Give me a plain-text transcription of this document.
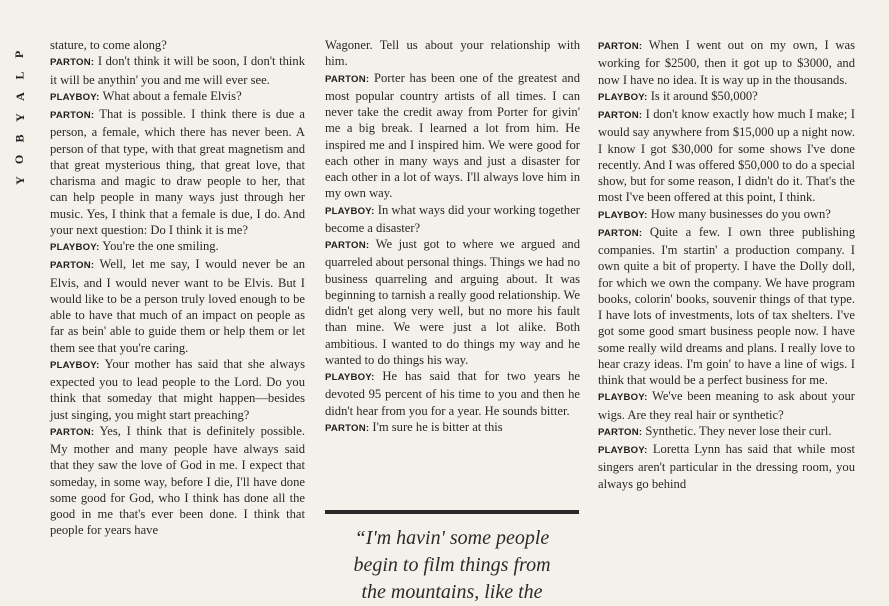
P
L
A
Y
B
O
Y

stature, to come along?

PARTON: I don't think it will be soon, I don't think it will be anythin' you and me will ever see.

PLAYBOY: What about a female Elvis?

PARTON: That is possible. I think there is due a person, a female, which there has never been. A person of that type, with that great magnetism and that great mysterious thing, that great love, that charisma and magic to draw people to her, that can help people in many ways just through her music. Yes, I think that a female is due, I do. And your next question: Do I think it is me?

PLAYBOY: You're the one smiling.

PARTON: Well, let me say, I would never be an Elvis, and I would never want to be Elvis. But I would like to be a person truly loved enough to be able to have that much of an impact on people as far as bein' able to guide them or help them or let them see that you're caring.

PLAYBOY: Your mother has said that she always expected you to lead people to the Lord. Do you think that someday that might happen—besides just singing, you might start preaching?

PARTON: Yes, I think that is definitely possible. My mother and many people have always said that they saw the love of God in me. I expect that someday, in some way, before I die, I'll have done some good for God, who I think has done all the good in me that's ever been done. I think that people for years have

Wagoner. Tell us about your relationship with him.

PARTON: Porter has been one of the greatest and most popular country artists of all times. I can never take the credit away from Porter for givin' me a big break. I learned a lot from him. He inspired me and I inspired him. We were good for each other in many ways and just a disaster for each other in a lot of ways. I'll always love him in my own way.

PLAYBOY: In what ways did your working together become a disaster?

PARTON: We just got to where we argued and quarreled about personal things. Things we had no business quarreling and arguing about. It was beginning to tarnish a really good relationship. We didn't get along very well, but no more his fault than mine. We were just a lot alike. Both ambitious. I wanted to do things my way and he wanted to do things his way.

PLAYBOY: He has said that for two years he devoted 95 percent of his time to you and then he didn't hear from you for a year. He sounds bitter.

PARTON: I'm sure he is bitter at this

PARTON: When I went out on my own, I was working for $2500, then it got up to $3000, and now I have no idea. It is way up in the thousands.

PLAYBOY: Is it around $50,000?

PARTON: I don't know exactly how much I make; I would say anywhere from $15,000 up a night now. I know I got $30,000 for some shows I've done recently. And I was offered $50,000 to do a special show, but for some reason, I didn't do it. That's the most I've been offered at this point, I think.

PLAYBOY: How many businesses do you own?

PARTON: Quite a few. I own three publishing companies. I'm startin' a production company. I own quite a bit of property. I have the Dolly doll, for which we own the company. We have program books, colorin' books, souvenir things of that type. I have lots of investments, lots of tax shelters. I've got some good smart business people now. I have some really wild dreams and plans. I really love to hear crazy ideas. I'm goin' to have a line of wigs. I think that would be a perfect business for me.

PLAYBOY: We've been meaning to ask about your wigs. Are they real hair or synthetic?

PARTON: Synthetic. They never lose their curl.

PLAYBOY: Loretta Lynn has said that while most singers aren't particular in the dressing room, you always go behind

“I'm havin' some people
begin to film things from
the mountains, like the
